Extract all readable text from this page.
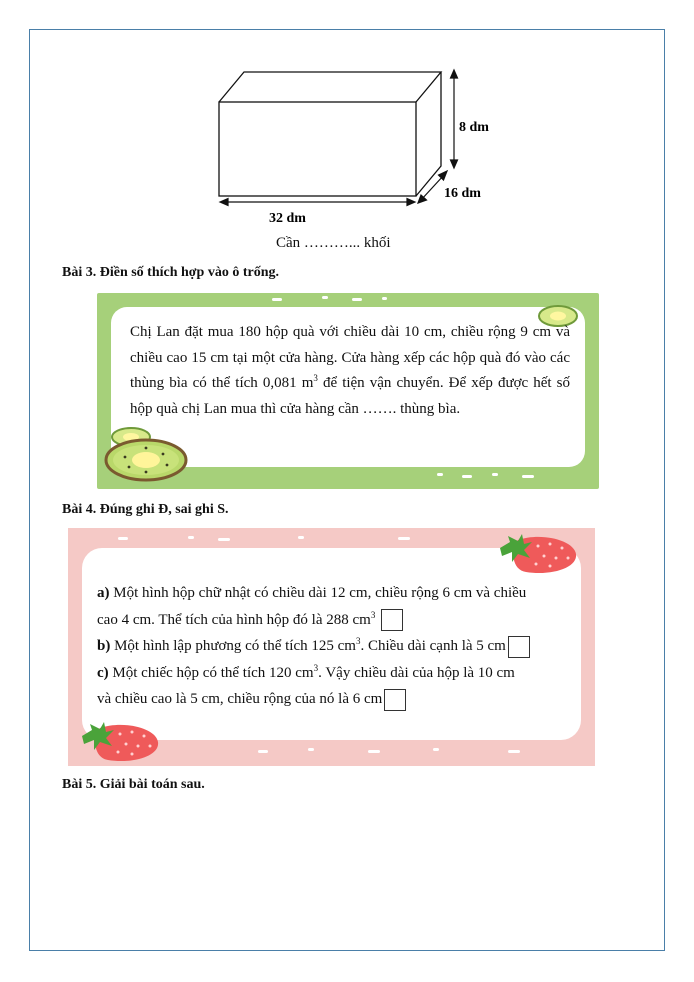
8 dm
16 dm
32 dm
Cần ………... khối
Bài 3. Điền số thích hợp vào ô trống.
Chị Lan đặt mua 180 hộp quà với chiều dài 10 cm, chiều rộng 9 cm và chiều cao 15 cm tại một cửa hàng. Cửa hàng xếp các hộp quà đó vào các thùng bìa có thể tích 0,081 $m^3$ để tiện vận chuyển. Để xếp được hết số hộp quà chị Lan mua thì cửa hàng cần ……. thùng bìa.
Bài 4. Đúng ghi Đ, sai ghi S.
a) Một hình hộp chữ nhật có chiều dài 12 cm, chiều rộng 6 cm và chiều
cao 4 cm. Thể tích của hình hộp đó là 288 $cm^3$
b) Một hình lập phương có thể tích 125 $cm^3$. Chiều dài cạnh là 5 cm
c) Một chiếc hộp có thể tích 120 $cm^3$. Vậy chiều dài của hộp là 10 cm
và chiều cao là 5 cm, chiều rộng của nó là 6 cm
Bài 5. Giải bài toán sau.
